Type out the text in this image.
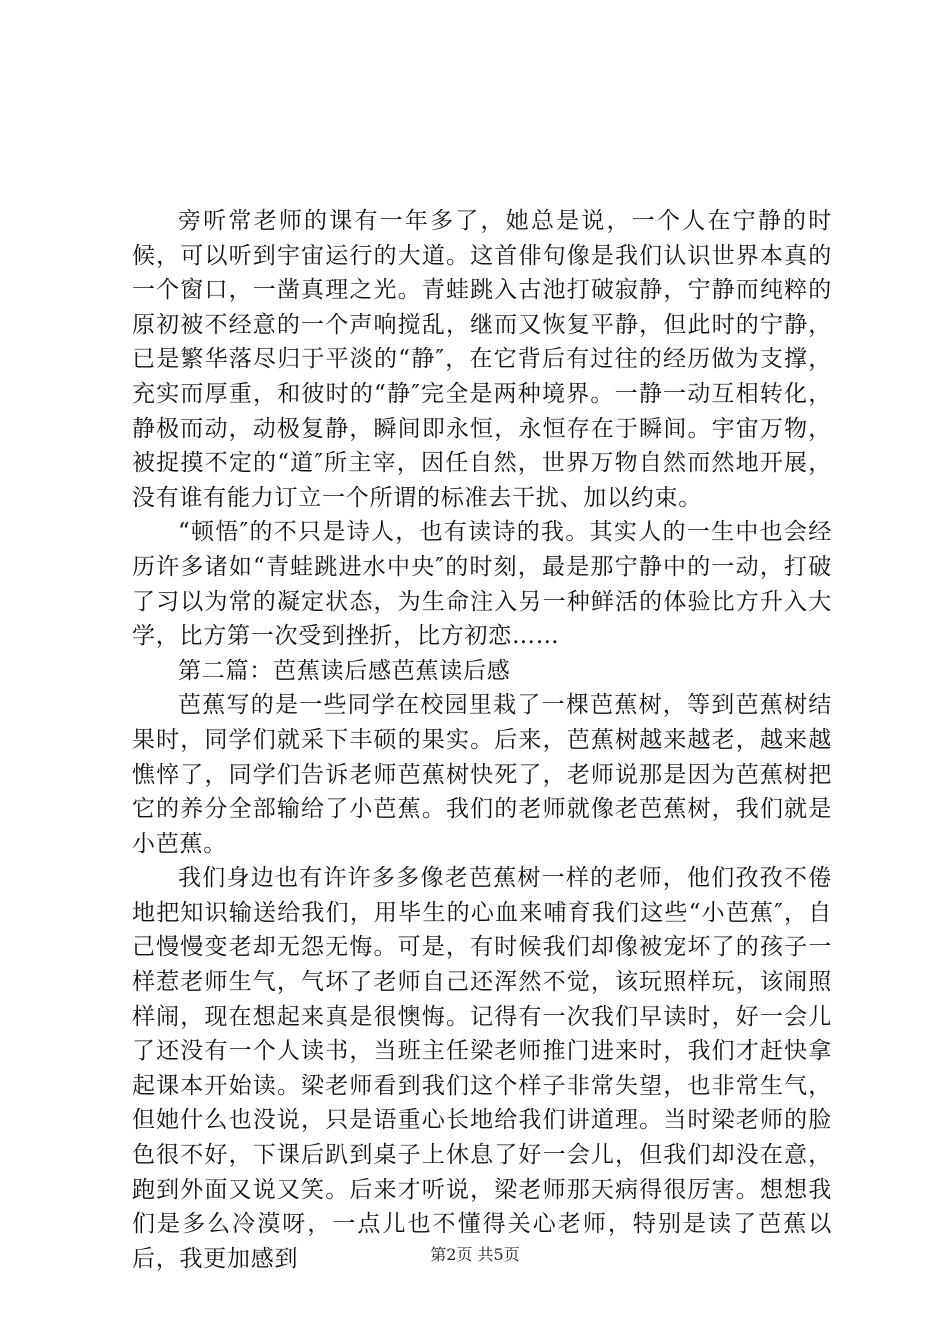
旁听常老师的课有一年多了，她总是说，一个人在宁静的时候，可以听到宇宙运行的大道。这首俳句像是我们认识世界本真的一个窗口，一凿真理之光。青蛙跳入古池打破寂静，宁静而纯粹的原初被不经意的一个声响搅乱，继而又恢复平静，但此时的宁静，已是繁华落尽归于平淡的“静″，在它背后有过往的经历做为支撑，充实而厚重，和彼时的“静″完全是两种境界。一静一动互相转化，静极而动，动极复静，瞬间即永恒，永恒存在于瞬间。宇宙万物，被捉摸不定的“道″所主宰，因任自然，世界万物自然而然地开展，没有谁有能力订立一个所谓的标准去干扰、加以约束。

“顿悟″的不只是诗人，也有读诗的我。其实人的一生中也会经历许多诸如“青蛙跳进水中央″的时刻，最是那宁静中的一动，打破了习以为常的凝定状态，为生命注入另一种鲜活的体验比方升入大学，比方第一次受到挫折，比方初恋……

第二篇：芭蕉读后感芭蕉读后感

芭蕉写的是一些同学在校园里栽了一棵芭蕉树，等到芭蕉树结果时，同学们就采下丰硕的果实。后来，芭蕉树越来越老，越来越憔悴了，同学们告诉老师芭蕉树快死了，老师说那是因为芭蕉树把它的养分全部输给了小芭蕉。我们的老师就像老芭蕉树，我们就是小芭蕉。

我们身边也有许许多多像老芭蕉树一样的老师，他们孜孜不倦地把知识输送给我们，用毕生的心血来哺育我们这些“小芭蕉″，自己慢慢变老却无怨无悔。可是，有时候我们却像被宠坏了的孩子一样惹老师生气，气坏了老师自己还浑然不觉，该玩照样玩，该闹照样闹，现在想起来真是很懊悔。记得有一次我们早读时，好一会儿了还没有一个人读书，当班主任梁老师推门进来时，我们才赶快拿起课本开始读。梁老师看到我们这个样子非常失望，也非常生气，但她什么也没说，只是语重心长地给我们讲道理。当时梁老师的脸色很不好，下课后趴到桌子上休息了好一会儿，但我们却没在意，跑到外面又说又笑。后来才听说，梁老师那天病得很厉害。想想我们是多么冷漠呀，一点儿也不懂得关心老师，特别是读了芭蕉以后，我更加感到	第2页 共5页
